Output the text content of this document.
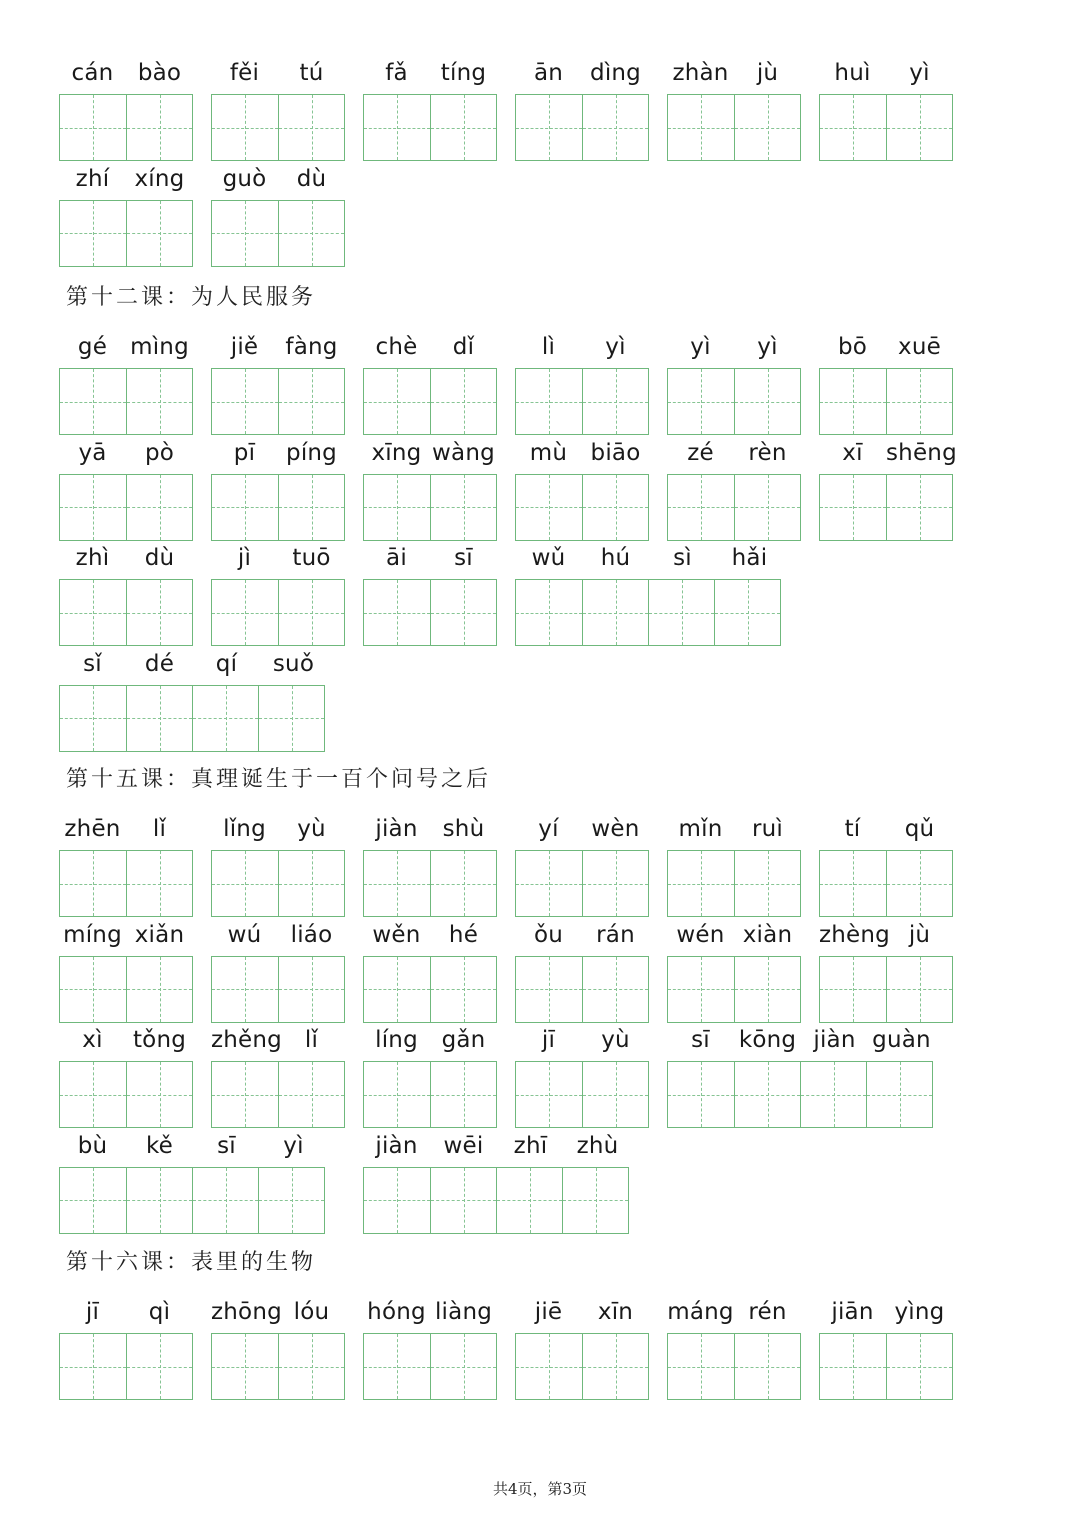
共4页，第3页
cán	bào	fěi	tú	fǎ	tíng	ān	dìng	zhàn	jù	huì	yì
zhí	xíng	guò	dù
第十二课：为人民服务
gé	mìng	jiě	fàng	chè	dǐ	lì	yì	yì	yì	bō	xuē
yā	pò	pī	píng	xīng wàng	mù	biāo	zé	rèn	xī	shēng
zhì	dù	jì	tuō	āi	sī	wǔ	hú	sì	hǎi
sǐ	dé	qí	suǒ
第十五课：真理诞生于一百个问号之后
zhēn	lǐ	lǐng	yù	jiàn	shù	yí	wèn	mǐn	ruì	tí	qǔ
míng xiǎn	wú	liáo	wěn	hé	ǒu	rán	wén xiàn	zhèng jù
xì	tǒng	zhěng lǐ	líng	gǎn	jī	yù	sī	kōng jiàn guàn
bù	kě	sī	yì	jiàn	wēi	zhī	zhù
第十六课：表里的生物
jī	qì	zhōng lóu	hóng liàng	jiē	xīn	máng rén	jiān yìng
